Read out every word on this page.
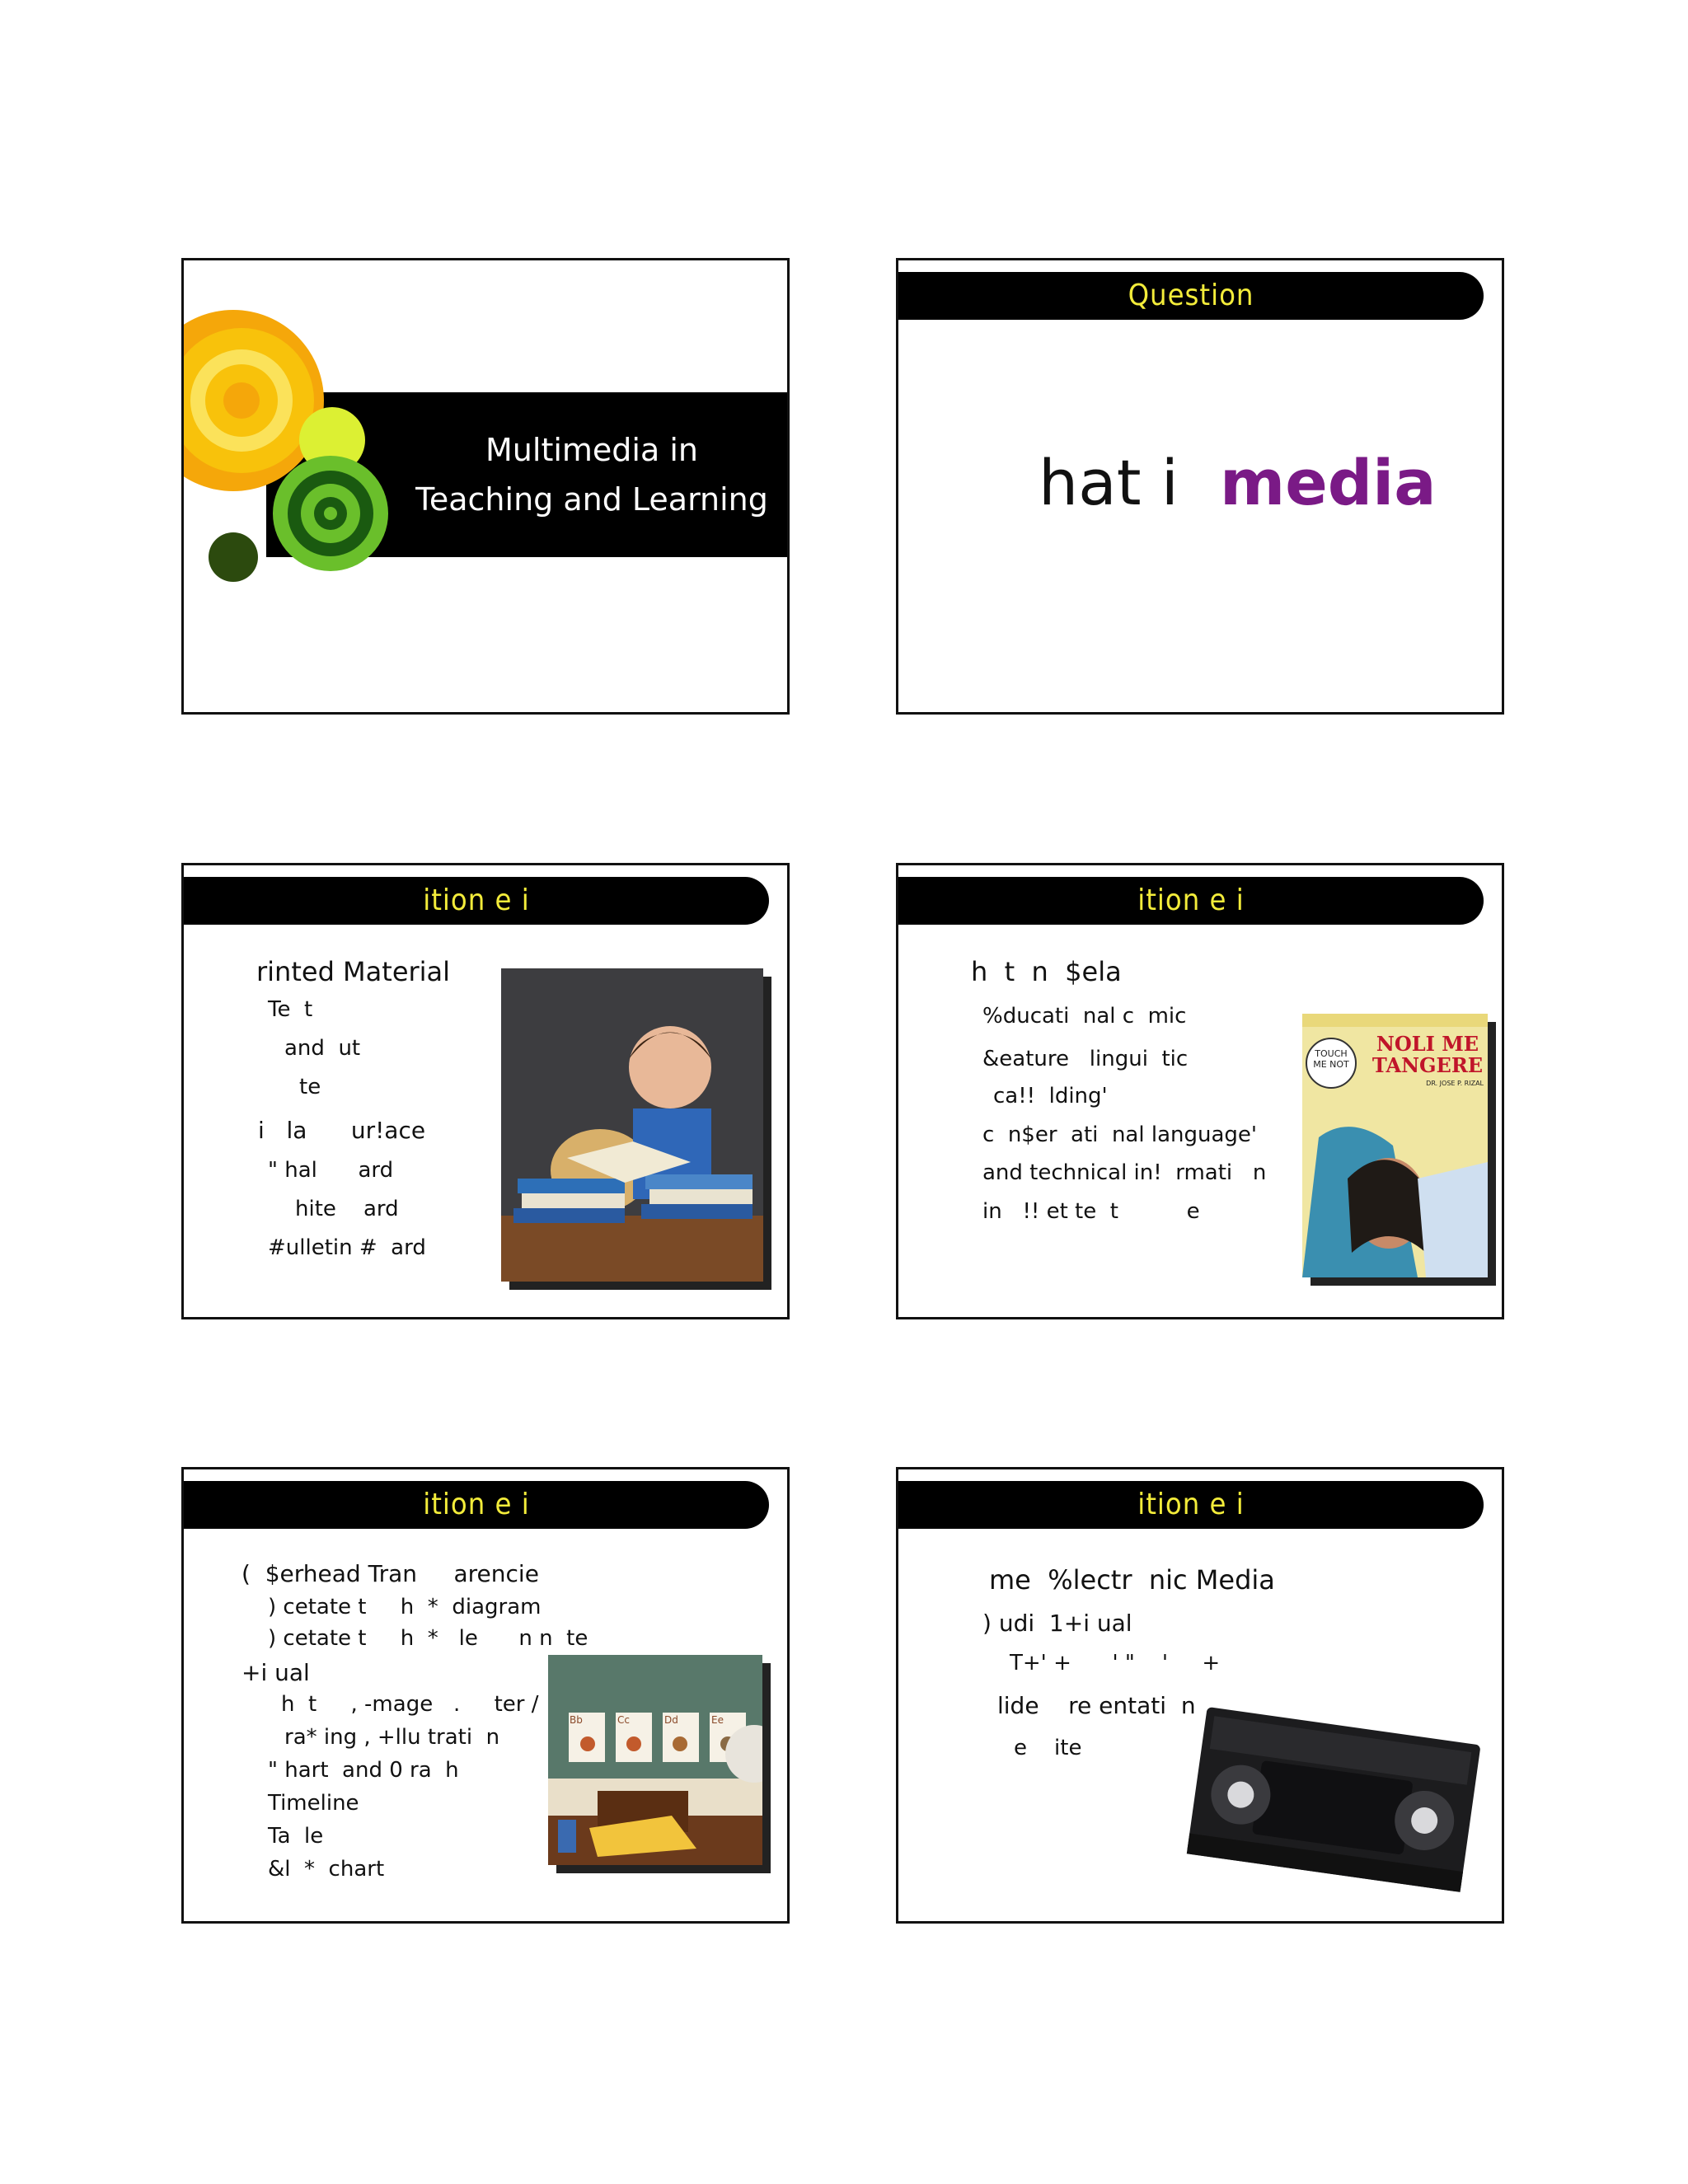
Multimedia in
Teaching and Learning
Question
hat i media
ition e i
rinted Material
Te  t
and  ut
te
i   la      ur!ace
" hal      ard
hite    ard
#ulletin #  ard
ition e i
h  t  n  $ela
%ducati  nal c  mic
&eature   lingui  tic
ca!!  lding'
c  n$er  ati  nal language'
and technical in!  rmati   n
in   !! et te  t          e
NOLI ME TANGERE
TOUCH ME NOT
DR. JOSE P. RIZAL
ition e i
(  $erhead Tran     arencie
) cetate t     h  *  diagram
) cetate t     h  *   le      n n  te
+i ual
h  t     , -mage   .     ter /
ra* ing , +llu trati  n
" hart  and 0 ra  h
Timeline
Ta  le
&l  *  chart
Bb	Cc	Dd	Ee
ition e i
me  %lectr  nic Media
) udi  1+i ual
T+' +      ' "    '     +
lide    re entati  n
e    ite
